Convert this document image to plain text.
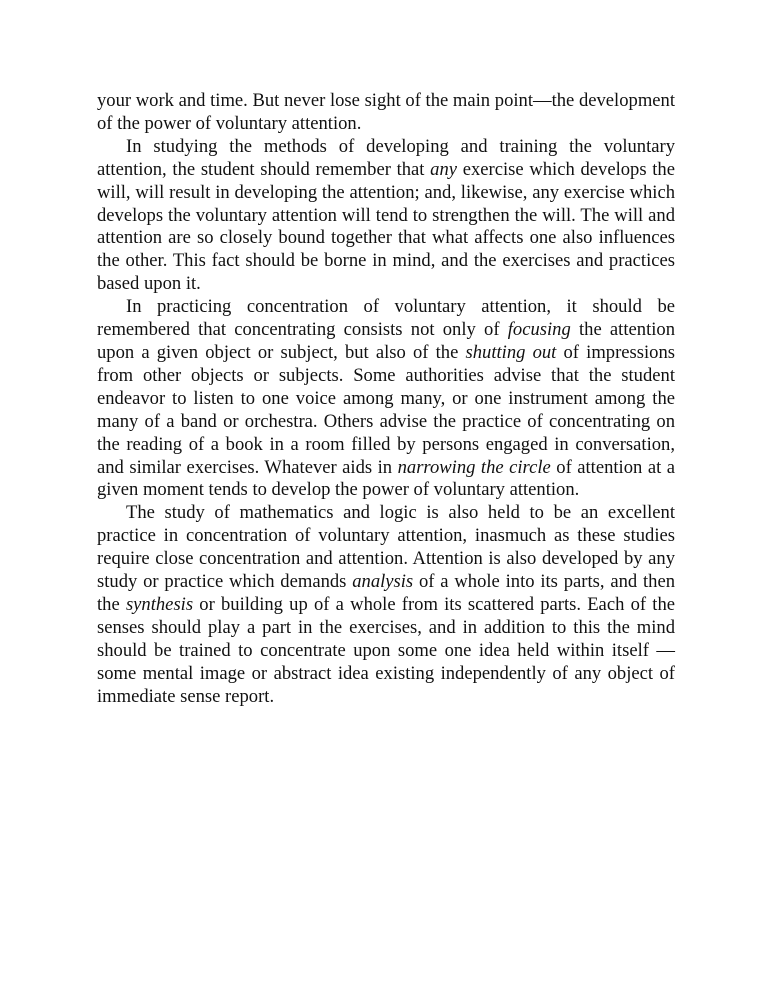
your work and time. But never lose sight of the main point—the development of the power of voluntary attention.

In studying the methods of developing and training the voluntary attention, the student should remember that any exercise which develops the will, will result in developing the attention; and, likewise, any exercise which develops the voluntary attention will tend to strengthen the will. The will and attention are so closely bound together that what affects one also influences the other. This fact should be borne in mind, and the exercises and practices based upon it.

In practicing concentration of voluntary attention, it should be remembered that concentrating consists not only of focusing the attention upon a given object or subject, but also of the shutting out of impressions from other objects or subjects. Some authorities advise that the student endeavor to listen to one voice among many, or one instrument among the many of a band or orchestra. Others advise the practice of concentrating on the reading of a book in a room filled by persons engaged in conversation, and similar exercises. Whatever aids in narrowing the circle of attention at a given moment tends to develop the power of voluntary attention.

The study of mathematics and logic is also held to be an excellent practice in concentration of voluntary attention, inasmuch as these studies require close concentration and attention. Attention is also developed by any study or practice which demands analysis of a whole into its parts, and then the synthesis or building up of a whole from its scattered parts. Each of the senses should play a part in the exercises, and in addition to this the mind should be trained to concentrate upon some one idea held within itself —some mental image or abstract idea existing independently of any object of immediate sense report.
